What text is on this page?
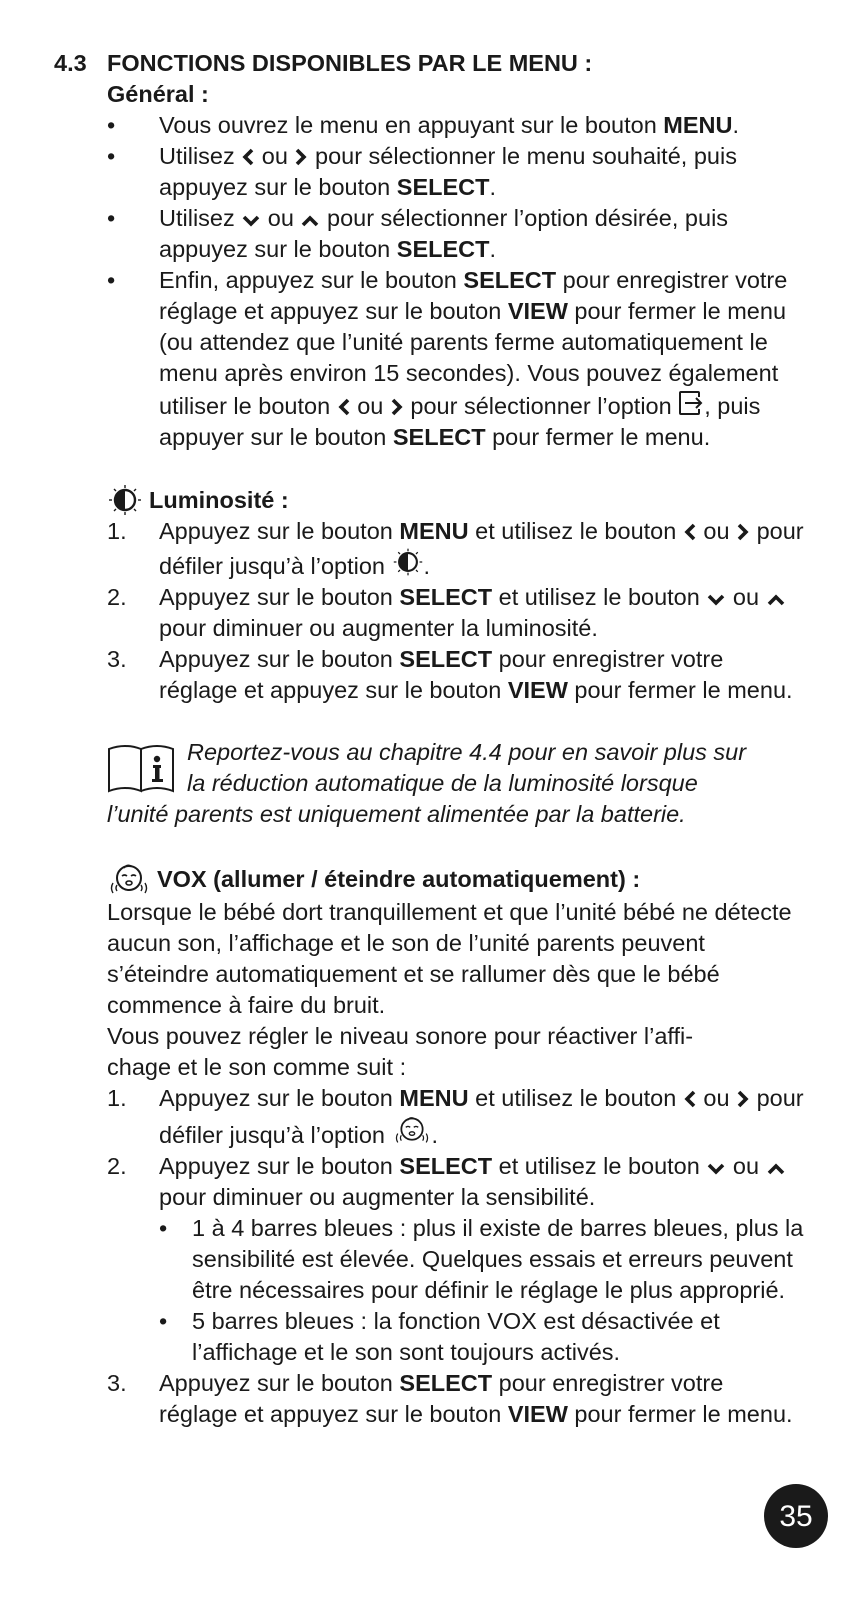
4.3 FONCTIONS DISPONIBLES PAR LE MENU :
Général :
• Vous ouvrez le menu en appuyant sur le bouton MENU.
• Utilisez  ou  pour sélectionner le menu souhaité, puis appuyez sur le bouton SELECT.
• Utilisez  ou  pour sélectionner l’option désirée, puis appuyez sur le bouton SELECT.
• Enfin, appuyez sur le bouton SELECT pour enregistrer votre réglage et appuyez sur le bouton VIEW pour fermer le menu (ou attendez que l’unité parents ferme automatiquement le menu après environ 15 secondes). Vous pouvez également utiliser le bouton  ou  pour sélectionner l’option , puis appuyer sur le bouton SELECT pour fermer le menu.
Luminosité :
1. Appuyez sur le bouton MENU et utilisez le bouton  ou  pour défiler jusqu’à l’option .
2. Appuyez sur le bouton SELECT et utilisez le bouton  ou  pour diminuer ou augmenter la luminosité.
3. Appuyez sur le bouton SELECT pour enregistrer votre réglage et appuyez sur le bouton VIEW pour fermer le menu.
Reportez-vous au chapitre 4.4 pour en savoir plus sur
la réduction automatique de la luminosité lorsque
l’unité parents est uniquement alimentée par la batterie.
VOX (allumer / éteindre automatiquement) :
Lorsque le bébé dort tranquillement et que l’unité bébé ne détecte aucun son, l’affichage et le son de l’unité parents peuvent s’éteindre automatiquement et se rallumer dès que le bébé commence à faire du bruit.
Vous pouvez régler le niveau sonore pour réactiver l’affi-
chage et le son comme suit :
1. Appuyez sur le bouton MENU et utilisez le bouton  ou  pour défiler jusqu’à l’option .
2. Appuyez sur le bouton SELECT et utilisez le bouton  ou  pour diminuer ou augmenter la sensibilité.
• 1 à 4 barres bleues : plus il existe de barres bleues, plus la sensibilité est élevée. Quelques essais et erreurs peuvent être nécessaires pour définir le réglage le plus approprié.
• 5 barres bleues : la fonction VOX est désactivée et l’affichage et le son sont toujours activés.
3. Appuyez sur le bouton SELECT pour enregistrer votre réglage et appuyez sur le bouton VIEW pour fermer le menu.
35
